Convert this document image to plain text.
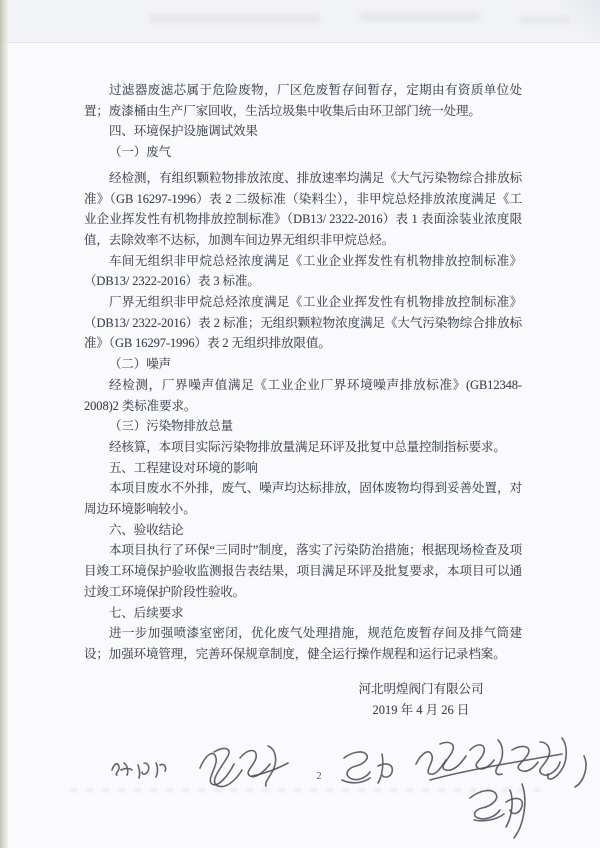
过滤器废滤芯属于危险废物，厂区危废暂存间暂存，定期由有资质单位处置；废漆桶由生产厂家回收，生活垃圾集中收集后由环卫部门统一处理。

四、环境保护设施调试效果

（一）废气

经检测，有组织颗粒物排放浓度、排放速率均满足《大气污染物综合排放标准》（GB 16297-1996）表 2 二级标准（染料尘），非甲烷总烃排放浓度满足《工业企业挥发性有机物排放控制标准》（DB13/ 2322-2016）表 1 表面涂装业浓度限值，去除效率不达标，加测车间边界无组织非甲烷总烃。

车间无组织非甲烷总烃浓度满足《工业企业挥发性有机物排放控制标准》（DB13/ 2322-2016）表 3 标准。

厂界无组织非甲烷总烃浓度满足《工业企业挥发性有机物排放控制标准》（DB13/ 2322-2016）表 2 标准；无组织颗粒物浓度满足《大气污染物综合排放标准》（GB 16297-1996）表 2 无组织排放限值。

（二）噪声

经检测，厂界噪声值满足《工业企业厂界环境噪声排放标准》(GB12348-2008)2 类标准要求。

（三）污染物排放总量

经核算，本项目实际污染物排放量满足环评及批复中总量控制指标要求。

五、工程建设对环境的影响

本项目废水不外排，废气、噪声均达标排放，固体废物均得到妥善处置，对周边环境影响较小。

六、验收结论

本项目执行了环保“三同时”制度，落实了污染防治措施；根据现场检查及项目竣工环境保护验收监测报告表结果，项目满足环评及批复要求，本项目可以通过竣工环境保护阶段性验收。

七、后续要求

进一步加强喷漆室密闭，优化废气处理措施，规范危废暂存间及排气筒建设；加强环境管理，完善环保规章制度，健全运行操作规程和运行记录档案。

河北明煌阀门有限公司
2019 年 4 月 26 日
2
